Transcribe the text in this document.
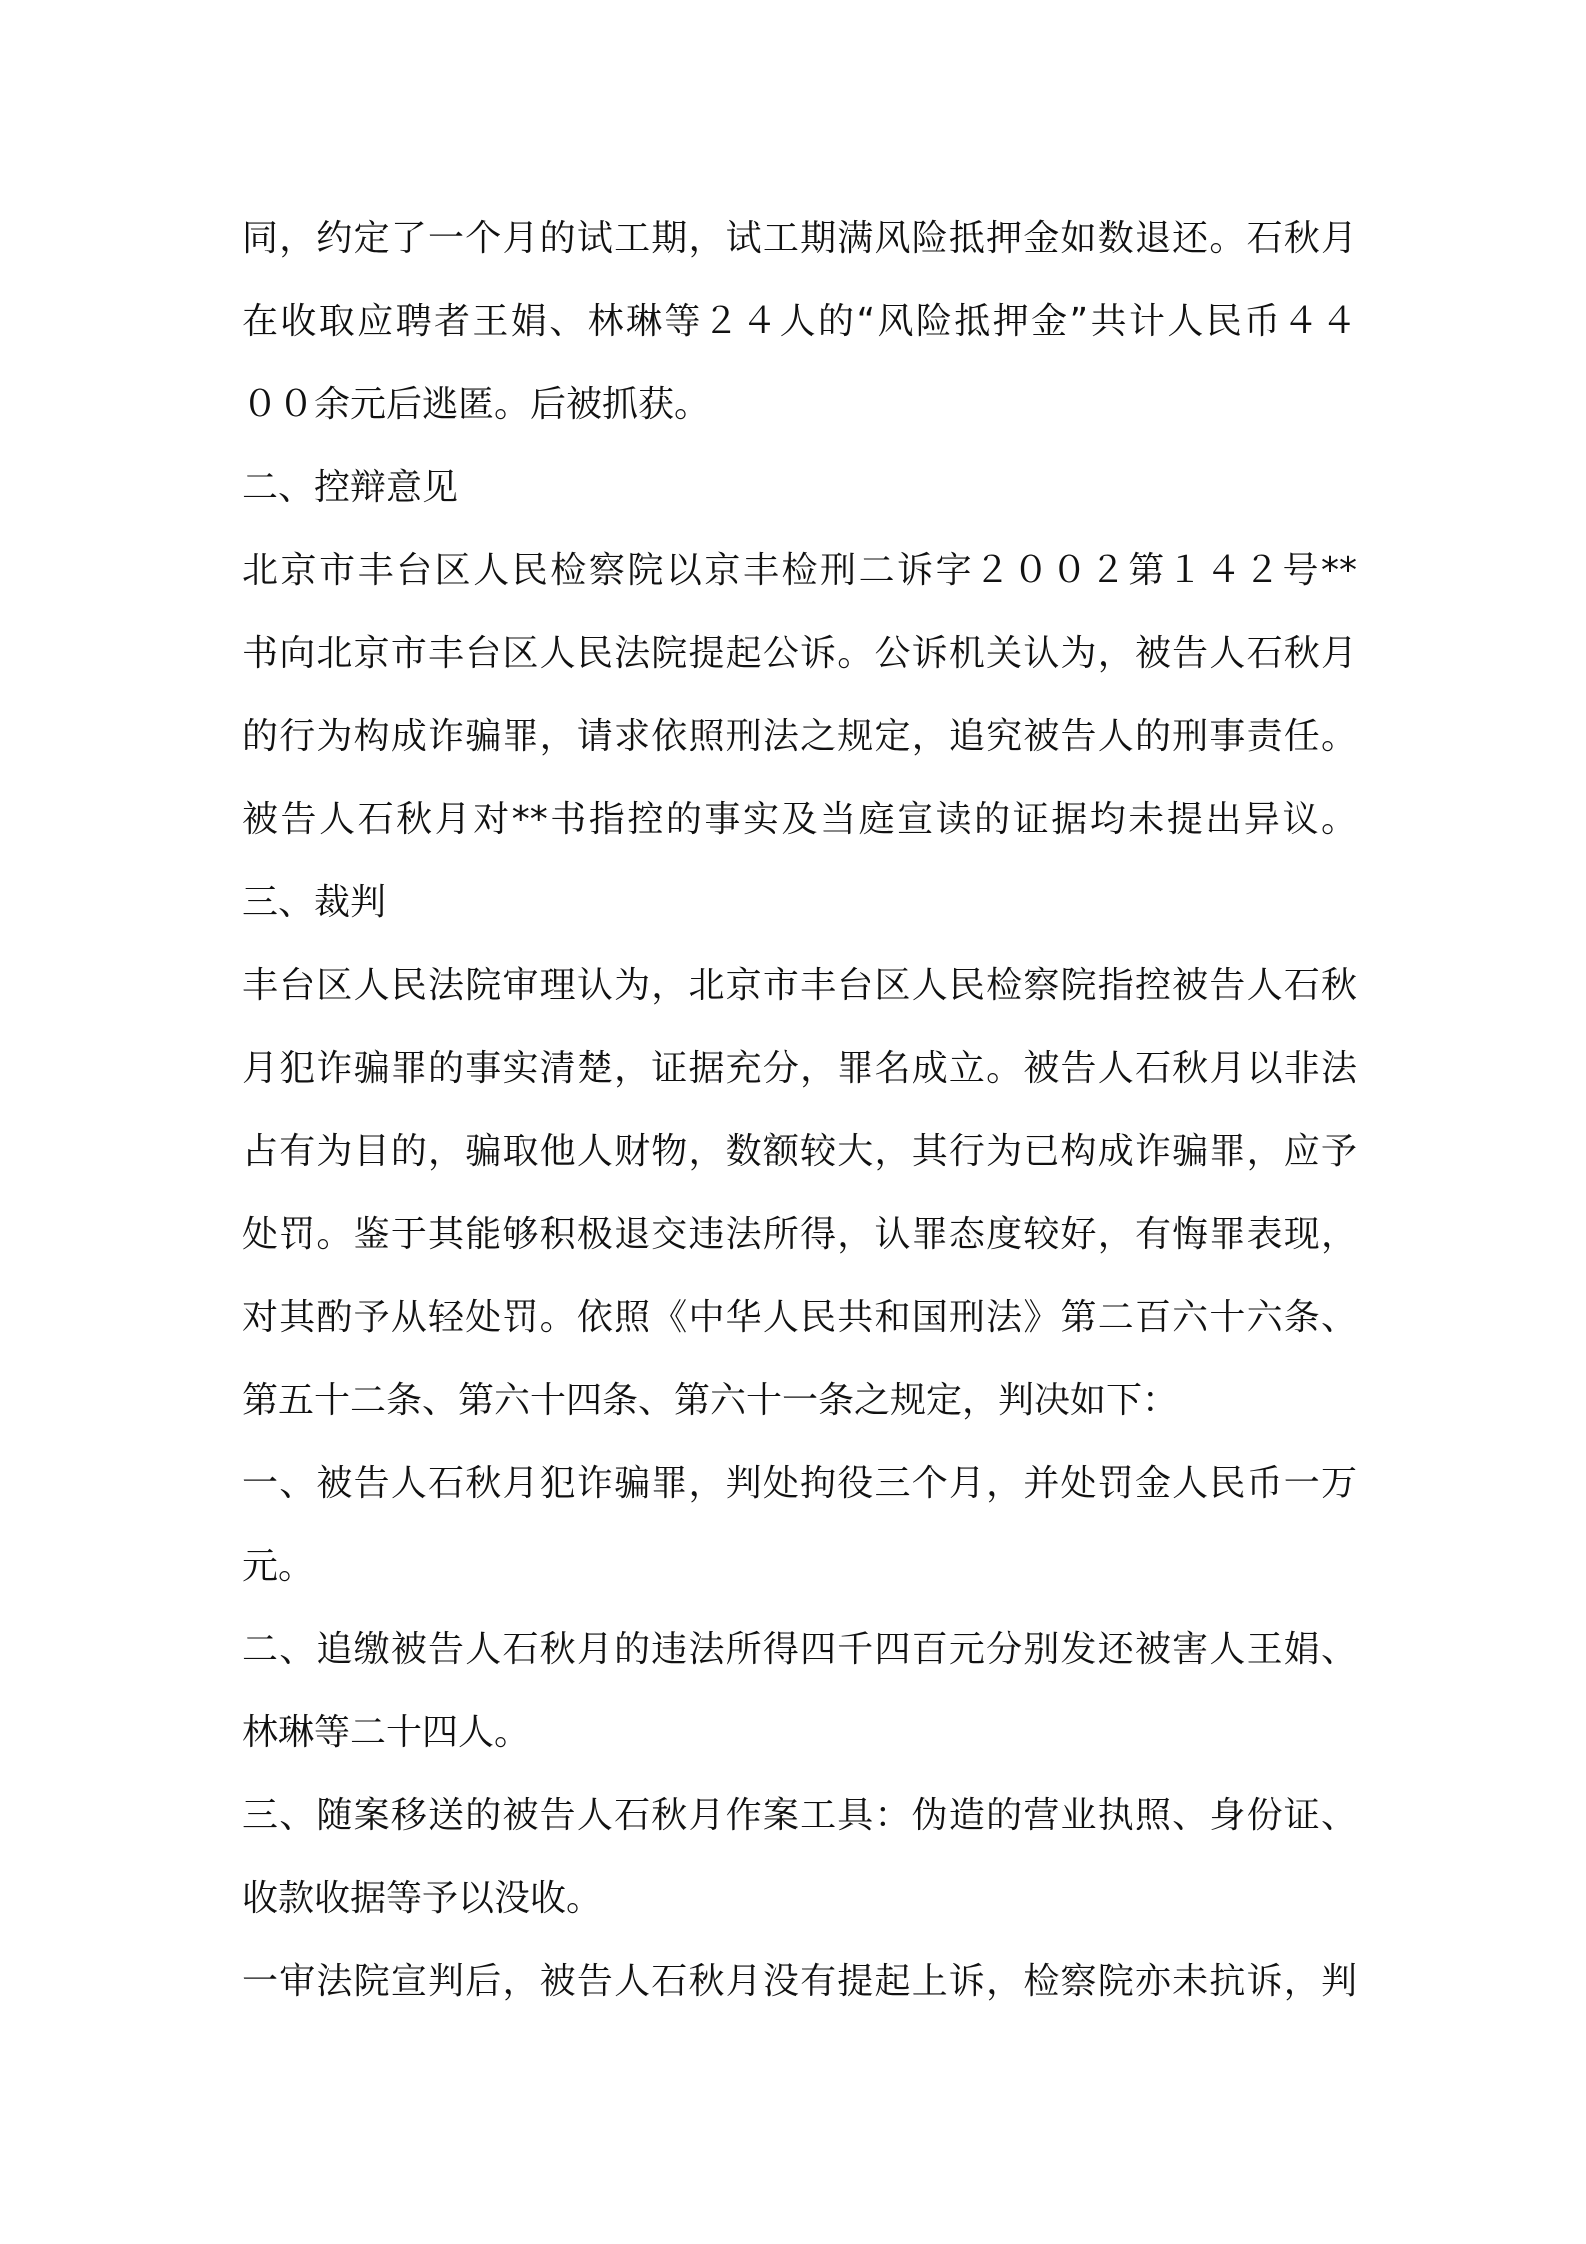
同，约定了一个月的试工期，试工期满风险抵押金如数退还。石秋月
在收取应聘者王娟、林琳等２４人的“风险抵押金”共计人民币４４
００余元后逃匿。后被抓获。
二、控辩意见
北京市丰台区人民检察院以京丰检刑二诉字２００２第１４２号**
书向北京市丰台区人民法院提起公诉。公诉机关认为，被告人石秋月
的行为构成诈骗罪，请求依照刑法之规定，追究被告人的刑事责任。
被告人石秋月对**书指控的事实及当庭宣读的证据均未提出异议。
三、裁判
丰台区人民法院审理认为，北京市丰台区人民检察院指控被告人石秋
月犯诈骗罪的事实清楚，证据充分，罪名成立。被告人石秋月以非法
占有为目的，骗取他人财物，数额较大，其行为已构成诈骗罪，应予
处罚。鉴于其能够积极退交违法所得，认罪态度较好，有悔罪表现，
对其酌予从轻处罚。依照《中华人民共和国刑法》第二百六十六条、
第五十二条、第六十四条、第六十一条之规定，判决如下：
一、被告人石秋月犯诈骗罪，判处拘役三个月，并处罚金人民币一万
元。
二、追缴被告人石秋月的违法所得四千四百元分别发还被害人王娟、
林琳等二十四人。
三、随案移送的被告人石秋月作案工具：伪造的营业执照、身份证、
收款收据等予以没收。
一审法院宣判后，被告人石秋月没有提起上诉，检察院亦未抗诉，判
